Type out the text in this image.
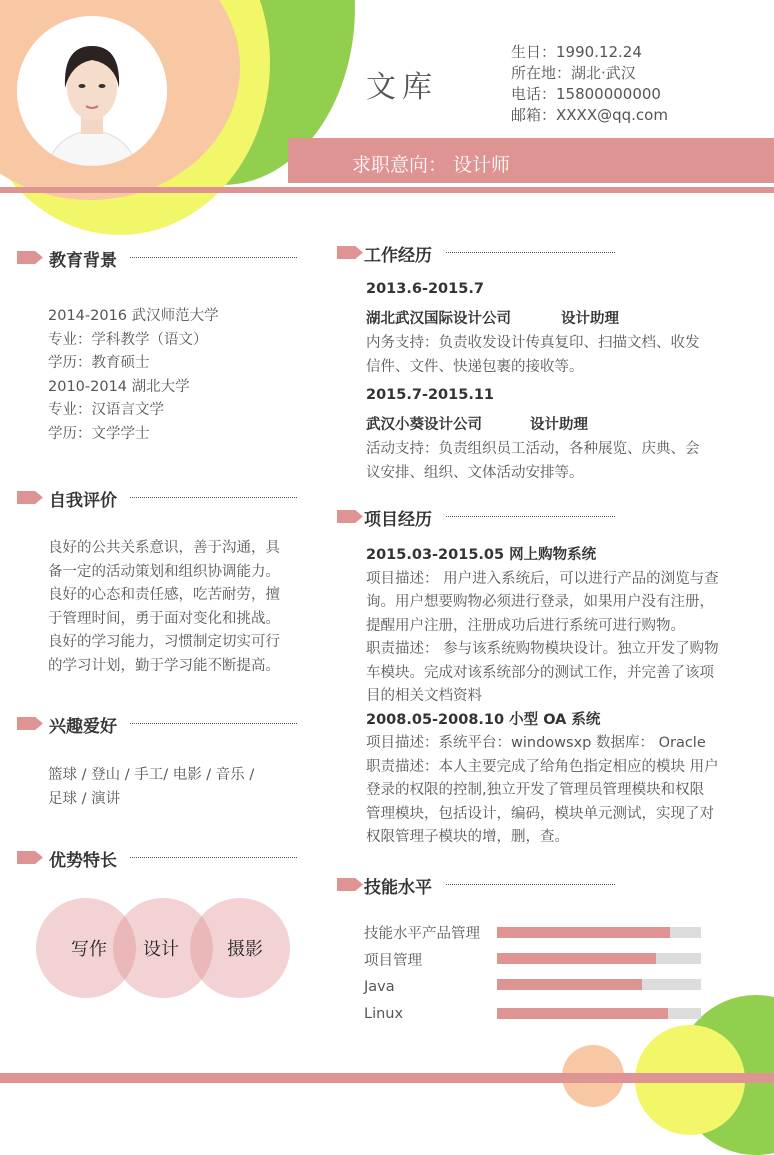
文库
生日：1990.12.24
所在地：湖北·武汉
电话：15800000000
邮箱：XXXX@qq.com
求职意向： 设计师
教育背景
2014-2016 武汉师范大学
专业：学科教学（语文）
学历：教育硕士
2010-2014 湖北大学
专业：汉语言文学
学历：文学学士
自我评价
良好的公共关系意识，善于沟通，具
备一定的活动策划和组织协调能力。
良好的心态和责任感，吃苦耐劳，擅
于管理时间，勇于面对变化和挑战。
良好的学习能力，习惯制定切实可行
的学习计划，勤于学习能不断提高。
兴趣爱好
篮球 / 登山 / 手工/ 电影 / 音乐 /
足球 / 演讲
优势特长
写作	设计	摄影
工作经历
2013.6-2015.7
湖北武汉国际设计公司	设计助理
内务支持：负责收发设计传真复印、扫描文档、收发
信件、文件、快递包裹的接收等。
2015.7-2015.11
武汉小葵设计公司	设计助理
活动支持：负责组织员工活动，各种展览、庆典、会
议安排、组织、文体活动安排等。
项目经历
2015.03-2015.05 网上购物系统
项目描述： 用户进入系统后，可以进行产品的浏览与查
询。用户想要购物必须进行登录，如果用户没有注册，
提醒用户注册，注册成功后进行系统可进行购物。
职责描述： 参与该系统购物模块设计。独立开发了购物
车模块。完成对该系统部分的测试工作，并完善了该项
目的相关文档资料
2008.05-2008.10 小型 OA 系统
项目描述：系统平台：windowsxp 数据库： Oracle
职责描述：本人主要完成了给角色指定相应的模块 用户
登录的权限的控制,独立开发了管理员管理模块和权限
管理模块，包括设计，编码，模块单元测试，实现了对
权限管理子模块的增，删，查。
技能水平
技能水平产品管理
项目管理
Java
Linux
